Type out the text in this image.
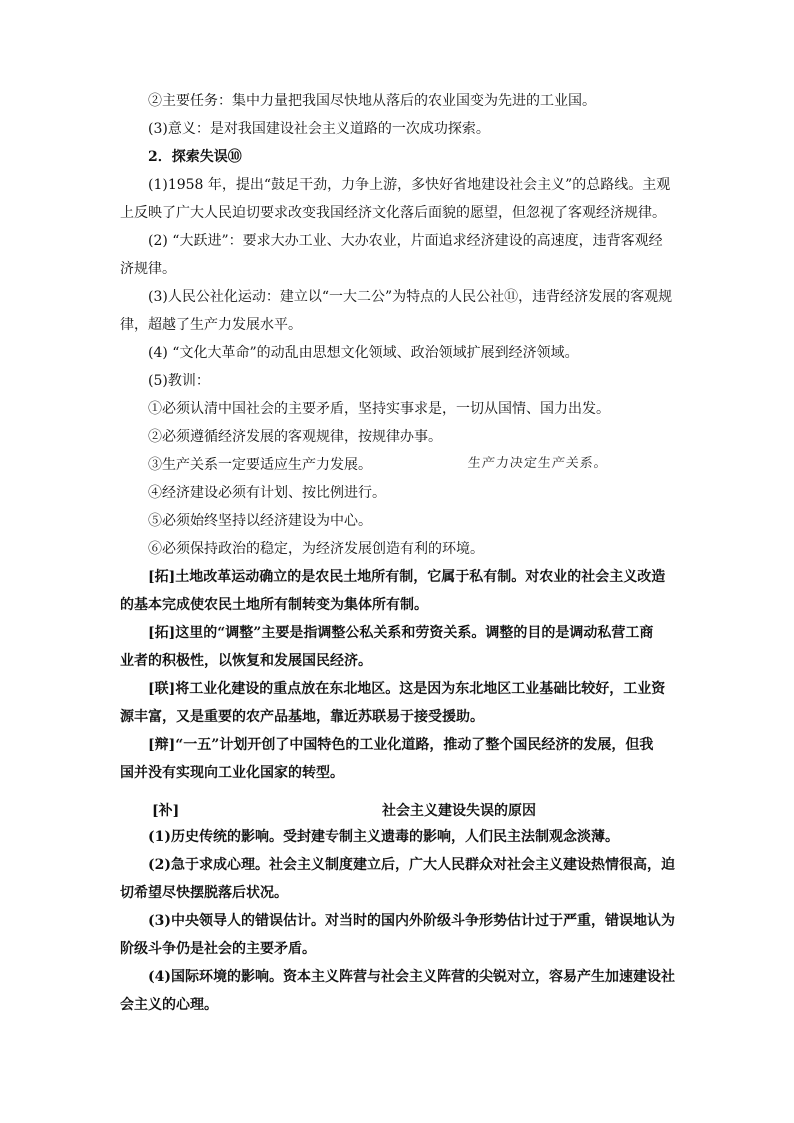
②主要任务：集中力量把我国尽快地从落后的农业国变为先进的工业国。
(3)意义：是对我国建设社会主义道路的一次成功探索。
2．探索失误⑩
(1)1958 年，提出“鼓足干劲，力争上游，多快好省地建设社会主义”的总路线。主观
上反映了广大人民迫切要求改变我国经济文化落后面貌的愿望，但忽视了客观经济规律。
(2) “大跃进”：要求大办工业、大办农业，片面追求经济建设的高速度，违背客观经
济规律。
(3)人民公社化运动：建立以“一大二公”为特点的人民公社⑪，违背经济发展的客观规
律，超越了生产力发展水平。
(4) “文化大革命”的动乱由思想文化领域、政治领域扩展到经济领域。
(5)教训：
①必须认清中国社会的主要矛盾，坚持实事求是，一切从国情、国力出发。
②必须遵循经济发展的客观规律，按规律办事。
③生产关系一定要适应生产力发展。	生产力决定生产关系。
④经济建设必须有计划、按比例进行。
⑤必须始终坚持以经济建设为中心。
⑥必须保持政治的稳定，为经济发展创造有利的环境。
[拓]土地改革运动确立的是农民土地所有制，它属于私有制。对农业的社会主义改造
的基本完成使农民土地所有制转变为集体所有制。
[拓]这里的“调整”主要是指调整公私关系和劳资关系。调整的目的是调动私营工商
业者的积极性，以恢复和发展国民经济。
[联]将工业化建设的重点放在东北地区。这是因为东北地区工业基础比较好，工业资
源丰富，又是重要的农产品基地，靠近苏联易于接受援助。
[辩]“一五”计划开创了中国特色的工业化道路，推动了整个国民经济的发展，但我
国并没有实现向工业化国家的转型。
[补]	社会主义建设失误的原因
(1)历史传统的影响。受封建专制主义遗毒的影响，人们民主法制观念淡薄。
(2)急于求成心理。社会主义制度建立后，广大人民群众对社会主义建设热情很高，迫
切希望尽快摆脱落后状况。
(3)中央领导人的错误估计。对当时的国内外阶级斗争形势估计过于严重，错误地认为
阶级斗争仍是社会的主要矛盾。
(4)国际环境的影响。资本主义阵营与社会主义阵营的尖锐对立，容易产生加速建设社
会主义的心理。
